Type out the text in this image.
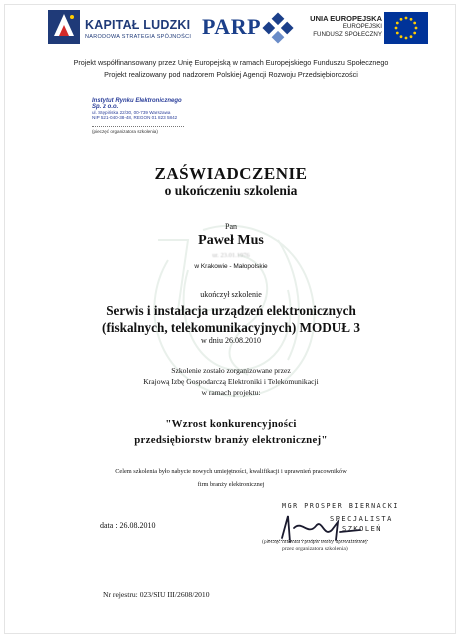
KAPITAŁ LUDZKI
NARODOWA STRATEGIA SPÓJNOŚCI PARP	UNIA EUROPEJSKA
EUROPEJSKI
FUNDUSZ SPOŁECZNY
Projekt współfinansowany przez Unię Europejską w ramach Europejskiego Funduszu Społecznego
Projekt realizowany pod nadzorem Polskiej Agencji Rozwoju Przedsiębiorczości
Instytut Rynku Elektronicznego
Sp. z o.o.
ul. Stępińska 22/30, 00-739 Warszawa
NIP 521-040-38-48, REGON 01 823 5842
(pieczęć organizatora szkolenia)
ZAŚWIADCZENIE
o ukończeniu szkolenia
Pan
Paweł Mus
ur. 23.01.1976
w Krakowie - Małopolskie
ukończył szkolenie
Serwis i instalacja urządzeń elektronicznych
(fiskalnych, telekomunikacyjnych) MODUŁ 3
w dniu 26.08.2010
Szkolenie zostało zorganizowane przez
Krajową Izbę Gospodarczą Elektroniki i Telekomunikacji
w ramach projektu:
"Wzrost konkurencyjności
przedsiębiorstw branży elektronicznej"
Celem szkolenia było nabycie nowych umiejętności, kwalifikacji i uprawnień pracowników
firm branży elektronicznej
MGR PROSPER BIERNACKI
SPECJALISTA
SZKOLEŃ
(pieczęć imienna i podpis osoby upoważnionej
przez organizatora szkolenia)
data : 26.08.2010
Nr rejestru: 023/SIU III/2608/2010
